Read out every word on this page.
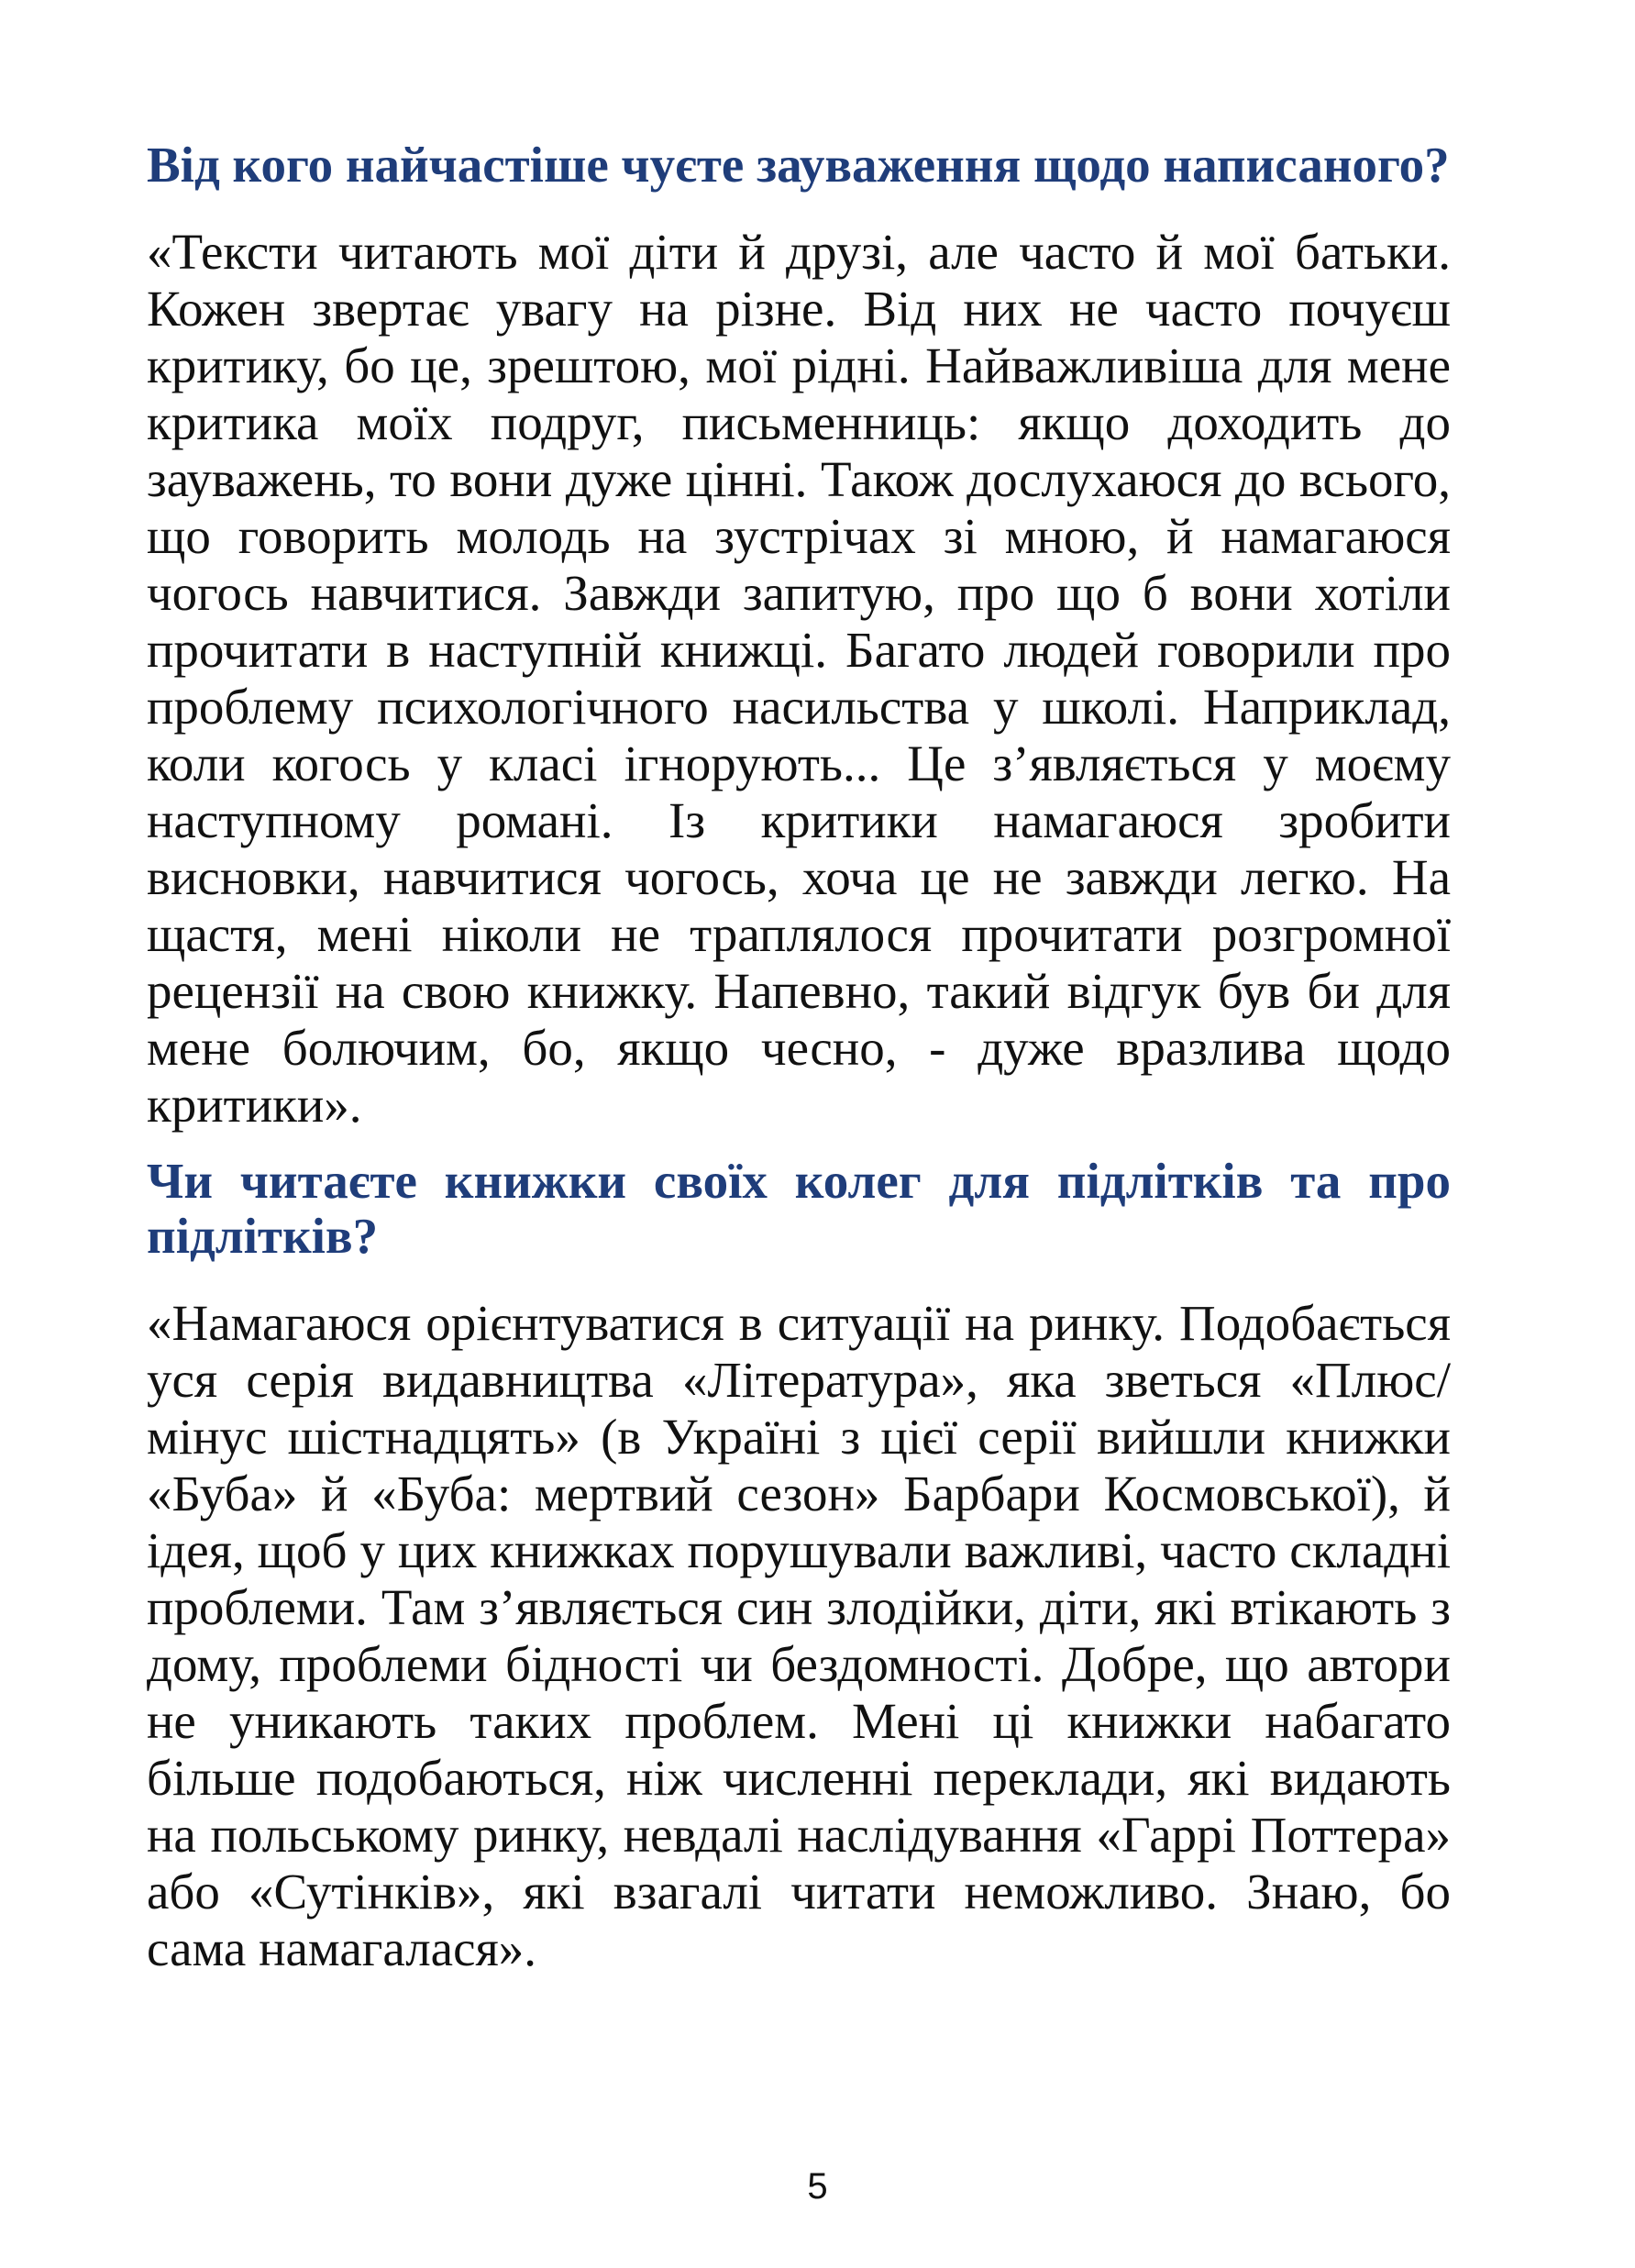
Від кого найчастіше чуєте зауваження щодо написаного?

«Тексти читають мої діти й друзі, але часто й мої батьки. Кожен звертає увагу на різне. Від них не часто почуєш критику, бо це, зрештою, мої рідні. Найважливіша для мене критика моїх подруг, письменниць: якщо доходить до зауважень, то вони дуже цінні. Також дослухаюся до всього, що говорить молодь на зустрічах зі мною, й намагаюся чогось навчитися. Завжди запитую, про що б вони хотіли прочитати в наступній книжці. Багато людей говорили про проблему психологічного насильства у школі. Наприклад, коли когось у класі ігнорують... Це з’являється у моєму наступному романі. Із критики намагаюся зробити висновки, навчитися чогось, хоча це не завжди легко. На щастя, мені ніколи не траплялося прочитати розгромної рецензії на свою книжку. Напевно, такий відгук був би для мене болючим, бо, якщо чесно, - дуже вразлива щодо критики».

Чи читаєте книжки своїх колег для підлітків та про підлітків?

«Намагаюся орієнтуватися в ситуації на ринку. Подобається уся серія видавництва «Література», яка зветься «Плюс/мінус шістнадцять» (в Україні з цієї серії вийшли книжки «Буба» й «Буба: мертвий сезон» Барбари Космовської), й ідея, щоб у цих книжках порушували важливі, часто складні проблеми. Там з’являється син злодійки, діти, які втікають з дому, проблеми бідності чи бездомності. Добре, що автори не уникають таких проблем. Мені ці книжки набагато більше подобаються, ніж численні переклади, які видають на польському ринку, невдалі наслідування «Гаррі Поттера» або «Сутінків», які взагалі читати неможливо. Знаю, бо сама намагалася».

5
